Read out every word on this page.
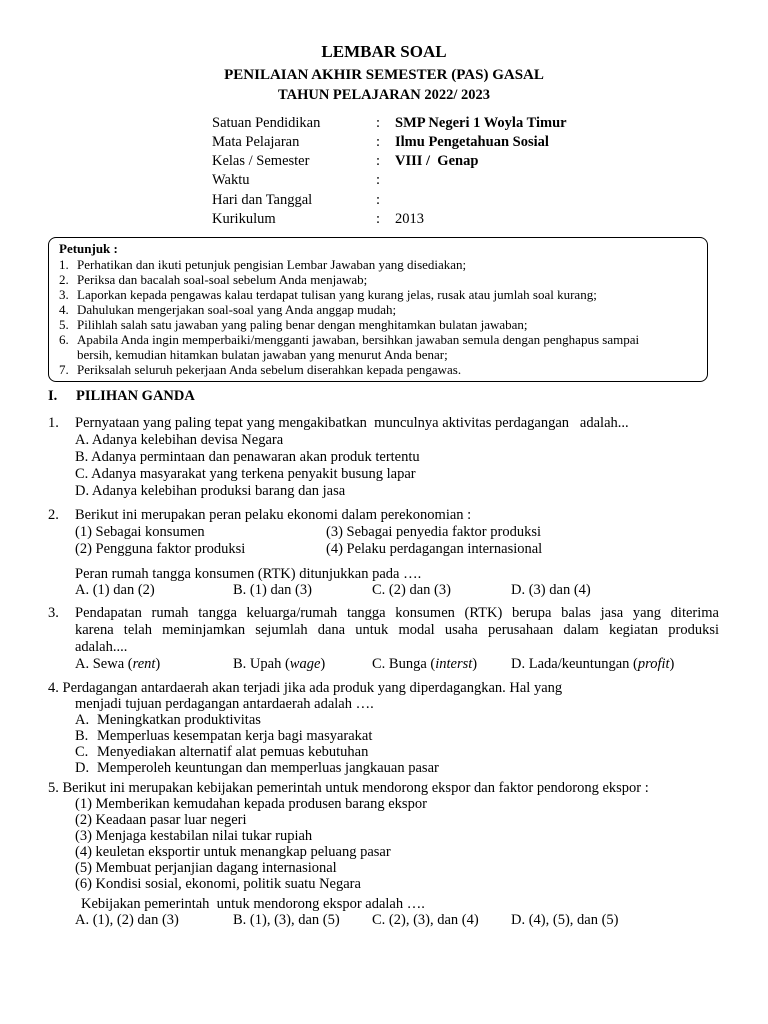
LEMBAR SOAL
PENILAIAN AKHIR SEMESTER (PAS) GASAL
TAHUN PELAJARAN 2022/ 2023
Satuan Pendidikan	: SMP Negeri 1 Woyla Timur
Mata Pelajaran	: Ilmu Pengetahuan Sosial
Kelas / Semester	: VIII /  Genap
Waktu	:
Hari dan Tanggal	:
Kurikulum	: 2013
Petunjuk :
1. Perhatikan dan ikuti petunjuk pengisian Lembar Jawaban yang disediakan;
2. Periksa dan bacalah soal-soal sebelum Anda menjawab;
3. Laporkan kepada pengawas kalau terdapat tulisan yang kurang jelas, rusak atau jumlah soal kurang;
4. Dahulukan mengerjakan soal-soal yang Anda anggap mudah;
5. Pilihlah salah satu jawaban yang paling benar dengan menghitamkan bulatan jawaban;
6. Apabila Anda ingin memperbaiki/mengganti jawaban, bersihkan jawaban semula dengan penghapus sampai
bersih, kemudian hitamkan bulatan jawaban yang menurut Anda benar;
7. Periksalah seluruh pekerjaan Anda sebelum diserahkan kepada pengawas.
I. PILIHAN GANDA
1. Pernyataan yang paling tepat yang mengakibatkan  munculnya aktivitas perdagangan   adalah...
A. Adanya kelebihan devisa Negara
B. Adanya permintaan dan penawaran akan produk tertentu
C. Adanya masyarakat yang terkena penyakit busung lapar
D. Adanya kelebihan produksi barang dan jasa
2. Berikut ini merupakan peran pelaku ekonomi dalam perekonomian :
(1) Sebagai konsumen	(3) Sebagai penyedia faktor produksi
(2) Pengguna faktor produksi	(4) Pelaku perdagangan internasional
Peran rumah tangga konsumen (RTK) ditunjukkan pada ….
A. (1) dan (2)	B. (1) dan (3)	C. (2) dan (3)	D. (3) dan (4)
3. Pendapatan rumah tangga keluarga/rumah tangga konsumen (RTK) berupa balas jasa yang diterima
karena telah meminjamkan sejumlah dana untuk modal usaha perusahaan dalam kegiatan produksi
adalah....
A. Sewa (rent)	B. Upah (wage)	C. Bunga (interst) D. Lada/keuntungan (profit)
4. Perdagangan antardaerah akan terjadi jika ada produk yang diperdagangkan. Hal yang
menjadi tujuan perdagangan antardaerah adalah ….
A. Meningkatkan produktivitas
B. Memperluas kesempatan kerja bagi masyarakat
C. Menyediakan alternatif alat pemuas kebutuhan
D. Memperoleh keuntungan dan memperluas jangkauan pasar
5. Berikut ini merupakan kebijakan pemerintah untuk mendorong ekspor dan faktor pendorong ekspor :
(1) Memberikan kemudahan kepada produsen barang ekspor
(2) Keadaan pasar luar negeri
(3) Menjaga kestabilan nilai tukar rupiah
(4) keuletan eksportir untuk menangkap peluang pasar
(5) Membuat perjanjian dagang internasional
(6) Kondisi sosial, ekonomi, politik suatu Negara
Kebijakan pemerintah  untuk mendorong ekspor adalah ….
A. (1), (2) dan (3)	B. (1), (3), dan (5) C. (2), (3), dan (4) D. (4), (5), dan (5)
